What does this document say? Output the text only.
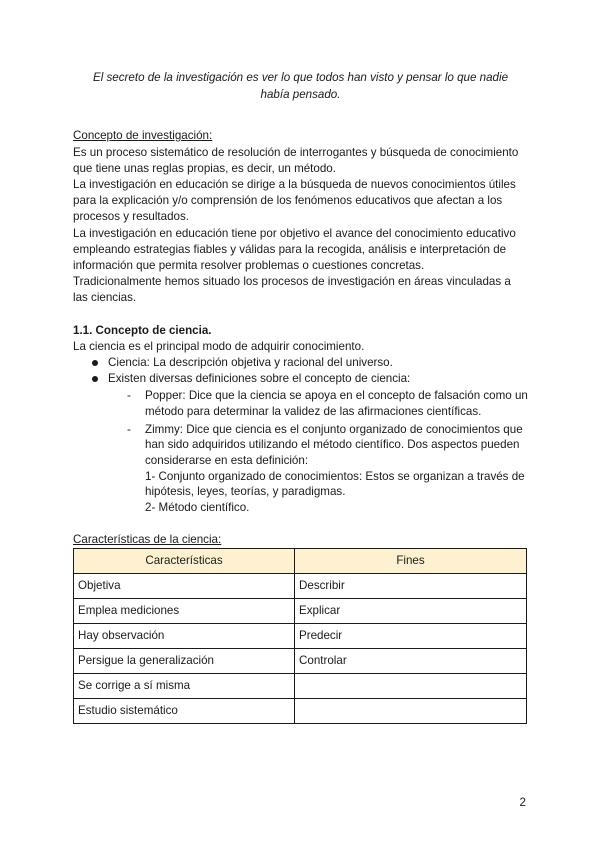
El secreto de la investigación es ver lo que todos han visto y pensar lo que nadie
había pensado.

Concepto de investigación:

Es un proceso sistemático de resolución de interrogantes y búsqueda de conocimiento que tiene unas reglas propias, es decir, un método.

La investigación en educación se dirige a la búsqueda de nuevos conocimientos útiles para la explicación y/o comprensión de los fenómenos educativos que afectan a los procesos y resultados.

La investigación en educación tiene por objetivo el avance del conocimiento educativo empleando estrategias fiables y válidas para la recogida, análisis e interpretación de información que permita resolver problemas o cuestiones concretas.

Tradicionalmente hemos situado los procesos de investigación en áreas vinculadas a las ciencias.

1.1. Concepto de ciencia.

La ciencia es el principal modo de adquirir conocimiento.

Ciencia: La descripción objetiva y racional del universo.
Existen diversas definiciones sobre el concepto de ciencia:
- Popper: Dice que la ciencia se apoya en el concepto de falsación como un método para determinar la validez de las afirmaciones científicas.
- Zimmy: Dice que ciencia es el conjunto organizado de conocimientos que han sido adquiridos utilizando el método científico. Dos aspectos pueden considerarse en esta definición:
1- Conjunto organizado de conocimientos: Estos se organizan a través de hipótesis, leyes, teorías, y paradigmas.
2- Método científico.

Características de la ciencia:

Características	Fines
Objetiva	Describir
Emplea mediciones	Explicar
Hay observación	Predecir
Persigue la generalización	Controlar
Se corrige a sí misma	
Estudio sistemático	
2
